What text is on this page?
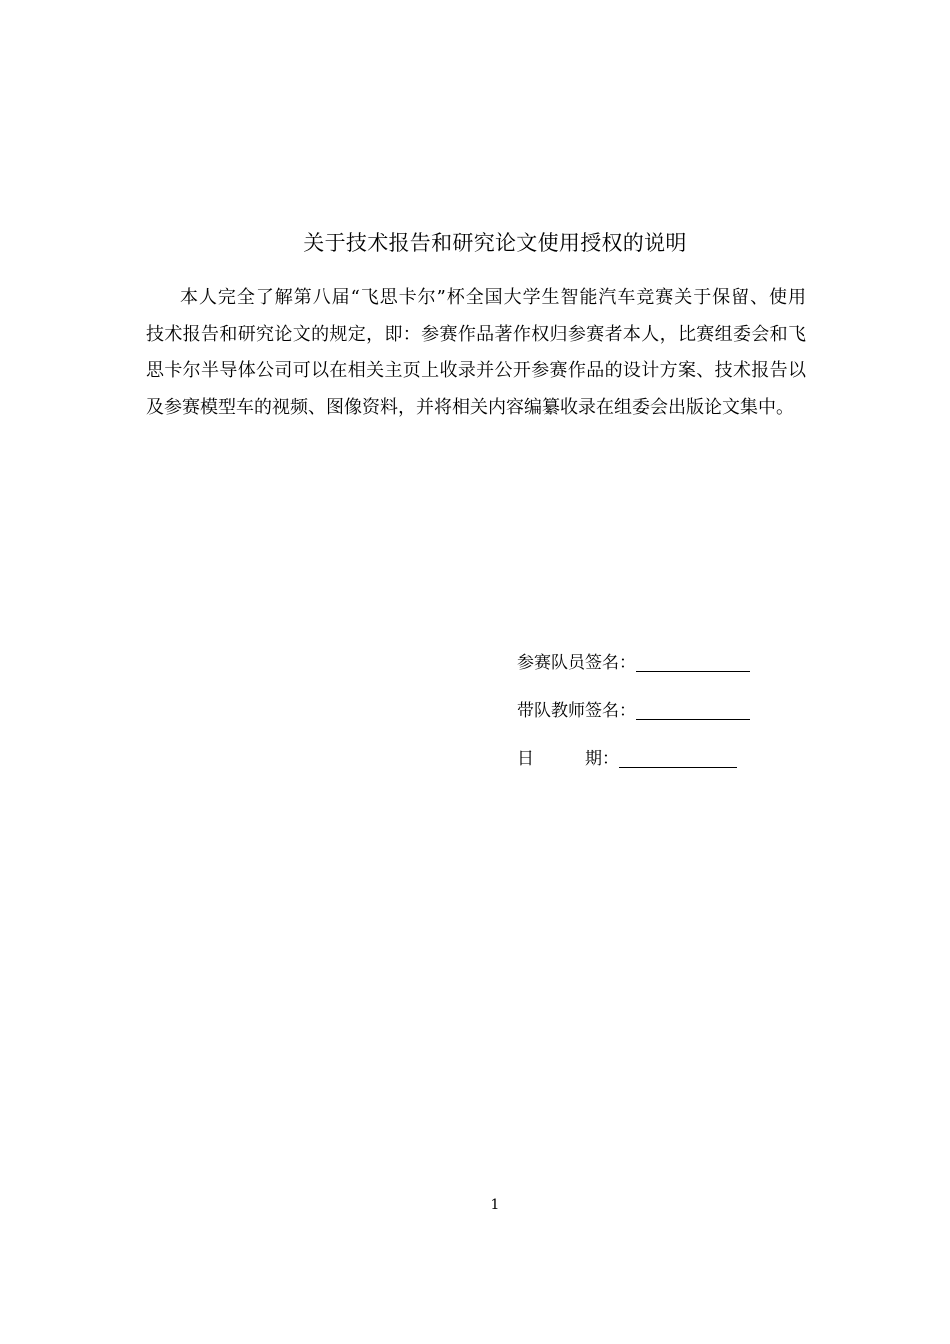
关于技术报告和研究论文使用授权的说明
本人完全了解第八届“飞思卡尔”杯全国大学生智能汽车竞赛关于保留、使用
技术报告和研究论文的规定，即：参赛作品著作权归参赛者本人，比赛组委会和飞
思卡尔半导体公司可以在相关主页上收录并公开参赛作品的设计方案、技术报告以
及参赛模型车的视频、图像资料，并将相关内容编纂收录在组委会出版论文集中。
参赛队员签名：
带队教师签名：
日　　　期：
1
